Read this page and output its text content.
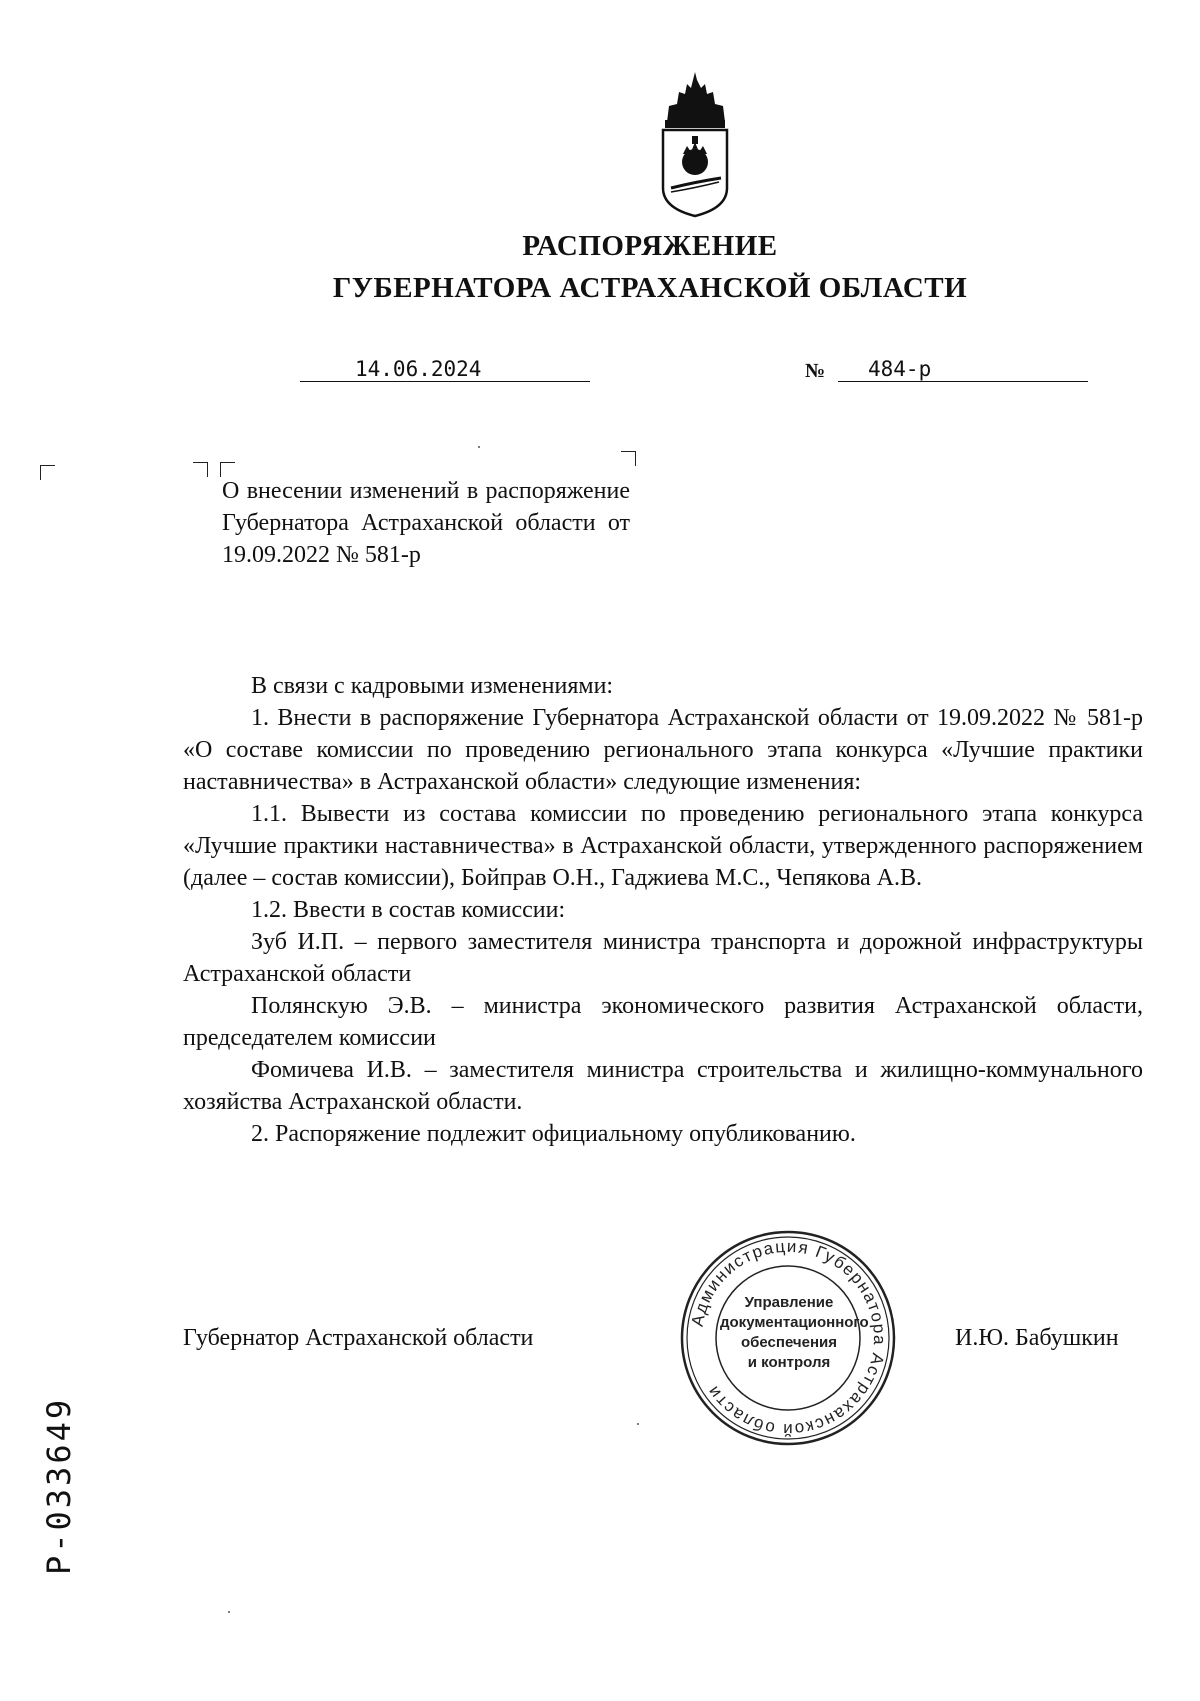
РАСПОРЯЖЕНИЕ
ГУБЕРНАТОРА АСТРАХАНСКОЙ ОБЛАСТИ
14.06.2024	№ 484-р
О внесении изменений в распоряжение Губернатора Астраханской области от 19.09.2022 № 581-р

В связи с кадровыми изменениями:

1. Внести в распоряжение Губернатора Астраханской области от 19.09.2022 № 581-р «О составе комиссии по проведению регионального этапа конкурса «Лучшие практики наставничества» в Астраханской области» следующие изменения:

1.1. Вывести из состава комиссии по проведению регионального этапа конкурса «Лучшие практики наставничества» в Астраханской области, утвержденного распоряжением (далее – состав комиссии), Бойправ О.Н., Гаджиева М.С., Чепякова А.В.

1.2. Ввести в состав комиссии:

Зуб И.П. – первого заместителя министра транспорта и дорожной инфраструктуры Астраханской области

Полянскую Э.В. – министра экономического развития Астраханской области, председателем комиссии

Фомичева И.В. – заместителя министра строительства и жилищно-коммунального хозяйства Астраханской области.

2. Распоряжение подлежит официальному опубликованию.

Губернатор Астраханской области
Администрация Губернатора Астраханской области
Управление
документационного
обеспечения
и контроля
И.Ю. Бабушкин
Р-033649
